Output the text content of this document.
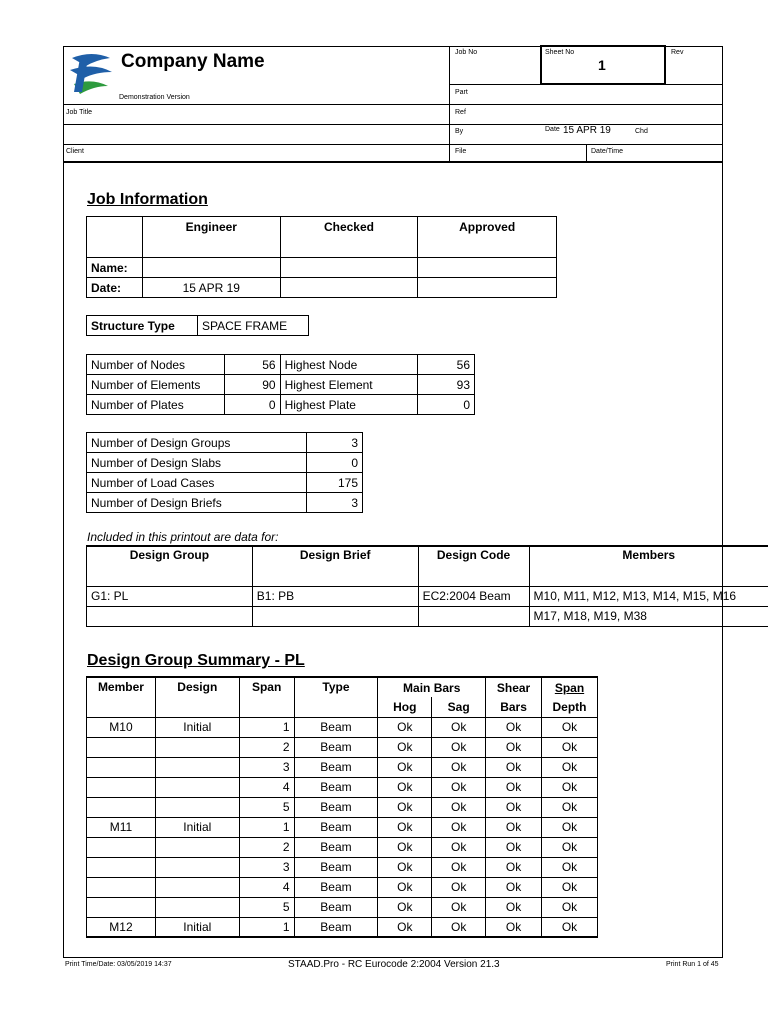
Company Name
Demonstration Version
Job No	Sheet No
1
Rev
Part
Job Title	Ref
By	Date 15 APR 19	Chd
Client	File	Date/Time
Job Information
	Engineer	Checked	Approved
Name:			
Date:	15 APR 19		
Structure Type	SPACE FRAME
Number of Nodes	56	Highest Node	56
Number of Elements	90	Highest Element	93
Number of Plates	0	Highest Plate	0
Number of Design Groups	3
Number of Design Slabs	0
Number of Load Cases	175
Number of Design Briefs	3
Included in this printout are data for:
Design Group	Design Brief	Design Code	Members
G1: PL	B1: PB	EC2:2004 Beam	M10, M11, M12, M13, M14, M15, M16
			M17, M18, M19, M38
Design Group Summary - PL
Member	Design	Span	Type	Main Bars		Shear	Span
				Hog	Sag	Bars	Depth
M10	Initial	1	Beam	Ok	Ok	Ok	Ok
		2	Beam	Ok	Ok	Ok	Ok
		3	Beam	Ok	Ok	Ok	Ok
		4	Beam	Ok	Ok	Ok	Ok
		5	Beam	Ok	Ok	Ok	Ok
M11	Initial	1	Beam	Ok	Ok	Ok	Ok
		2	Beam	Ok	Ok	Ok	Ok
		3	Beam	Ok	Ok	Ok	Ok
		4	Beam	Ok	Ok	Ok	Ok
		5	Beam	Ok	Ok	Ok	Ok
M12	Initial	1	Beam	Ok	Ok	Ok	Ok
Print Time/Date: 03/05/2019 14:37	STAAD.Pro - RC Eurocode 2:2004 Version 21.3	Print Run 1 of 45
